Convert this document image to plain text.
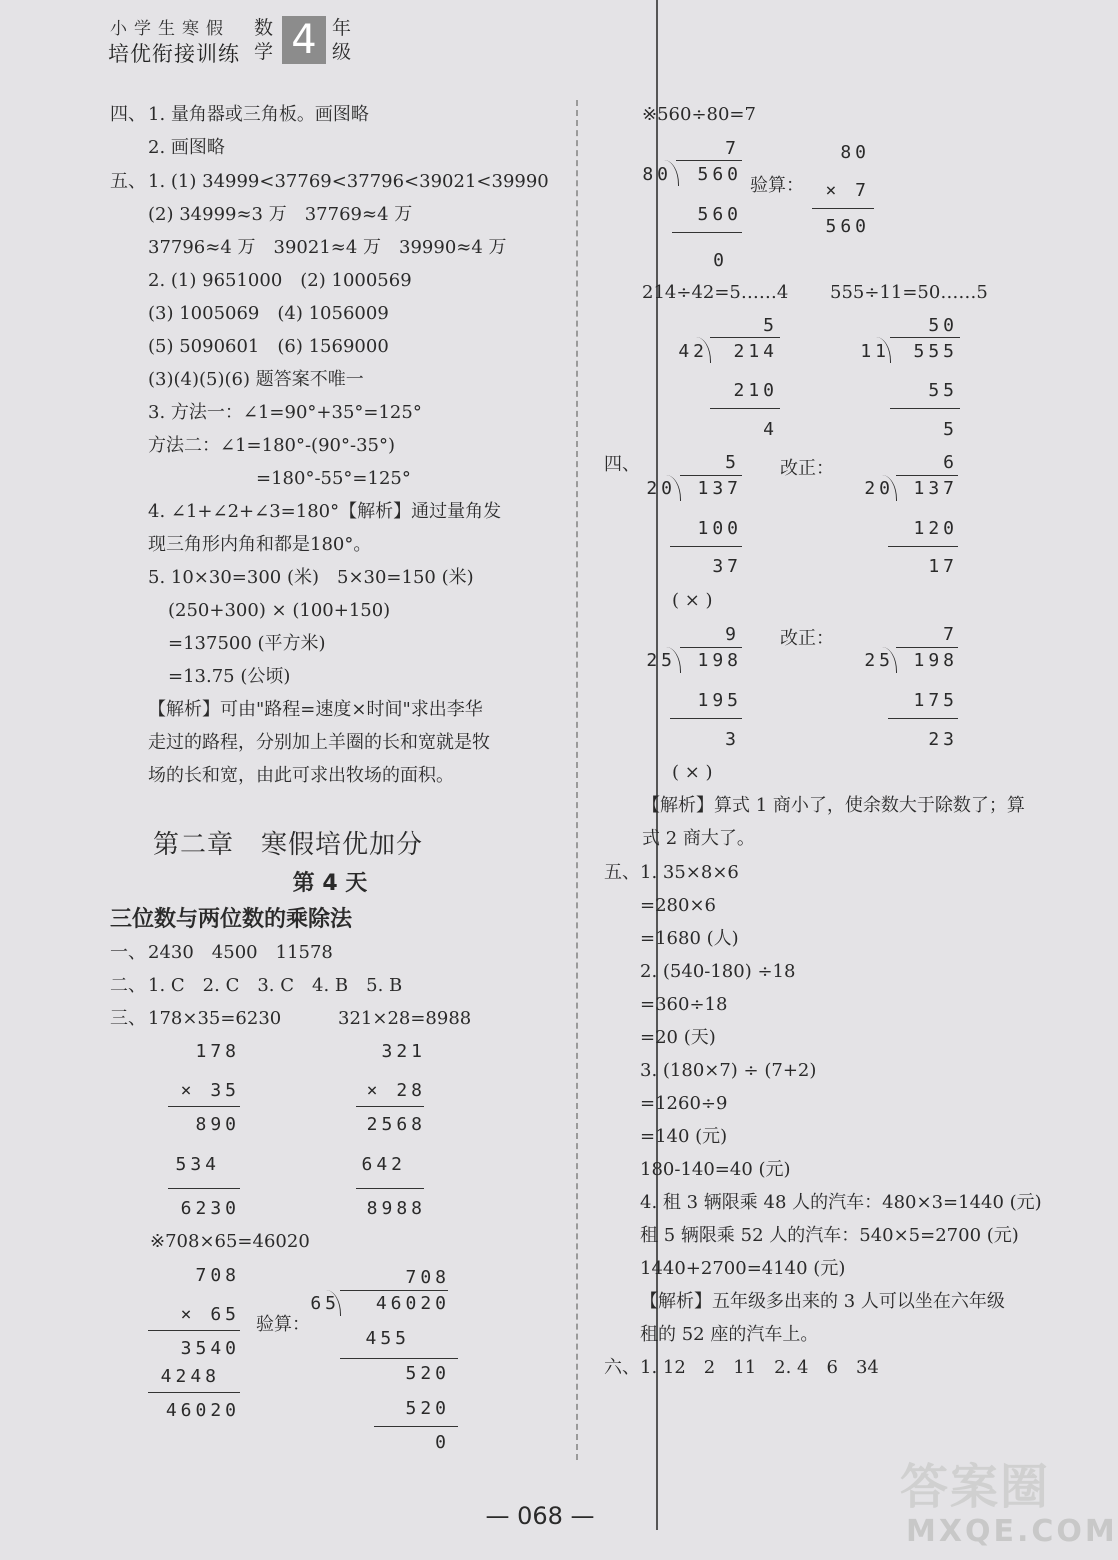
小学生寒假
培优衔接训练
数学 4 年级
四、 1. 量角器或三角板。画图略
2. 画图略
五、 1. (1) 34999<37769<37796<39021<39990
(2) 34999≈3 万　37769≈4 万
37796≈4 万　39021≈4 万　39990≈4 万
2. (1) 9651000　(2) 1000569
(3) 1005069　(4) 1056009
(5) 5090601　(6) 1569000
(3)(4)(5)(6) 题答案不唯一
3. 方法一：∠1=90°+35°=125°
方法二：∠1=180°-(90°-35°)
=180°-55°=125°
4. ∠1+∠2+∠3=180°【解析】通过量角发
现三角形内角和都是180°。
5. 10×30=300 (米)　5×30=150 (米)
(250+300) × (100+150)
=137500 (平方米)
=13.75 (公顷)
【解析】可由"路程=速度×时间"求出李华
走过的路程，分别加上羊圈的长和宽就是牧
场的长和宽，由此可求出牧场的面积。
第二章　寒假培优加分
第 4 天
三位数与两位数的乘除法
一、 2430　4500　11578
二、 1. C　2. C　3. C　4. B　5. B
三、 178×35=6230	321×28=8988
178
× 35
890
534
6230
321
× 28
2568
642
8988
※708×65=46020
708
× 65
3540
4248
46020
验算：
708
65	46020
455
520
520
0
※560÷80=7
7
80	560
560
0
验算：
80
× 7
560
214÷42=5……4 555÷11=50……5
5
42	214
210
4
50
11	555
55
5
四、	5
20	137
100
37
改正：	6
20	137
120
17
( × )
9
25	198
195
3
改正：	7
25	198
175
23
( × )
【解析】算式 1 商小了，使余数大于除数了；算
式 2 商大了。
五、 1. 35×8×6
=280×6
=1680 (人)
2. (540-180) ÷18
=360÷18
=20 (天)
3. (180×7) ÷ (7+2)
=1260÷9
=140 (元)
180-140=40 (元)
4. 租 3 辆限乘 48 人的汽车：480×3=1440 (元)
租 5 辆限乘 52 人的汽车：540×5=2700 (元)
1440+2700=4140 (元)
【解析】五年级多出来的 3 人可以坐在六年级
租的 52 座的汽车上。
六、 1. 12　2　11　2. 4　6　34
— 068 —
答案圈
MXQE.COM
